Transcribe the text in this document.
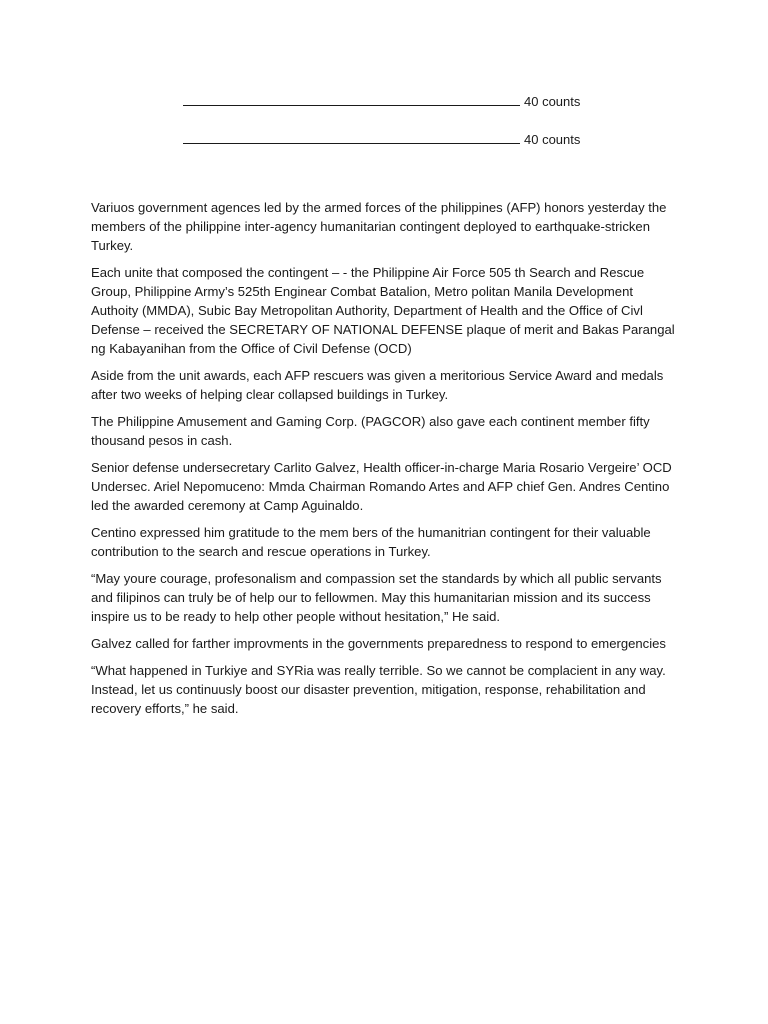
40 counts
40 counts

Variuos government agences led by the armed forces of the philippines (AFP) honors yesterday the members of the philippine inter-agency humanitarian contingent deployed to earthquake-stricken Turkey.

Each unite that composed the contingent – - the Philippine Air Force 505 th Search and Rescue Group, Philippine Army’s 525th Enginear Combat Batalion, Metro politan Manila Development Authoity (MMDA), Subic Bay Metropolitan Authority, Department of Health and the Office of Civl Defense – received the SECRETARY OF NATIONAL DEFENSE plaque of merit and Bakas Parangal ng Kabayanihan from the Office of Civil Defense (OCD)

Aside from the unit awards, each AFP rescuers was given a meritorious Service Award and medals after two weeks of helping clear collapsed buildings in Turkey.

The Philippine Amusement and Gaming Corp. (PAGCOR) also gave each continent member fifty thousand pesos in cash.

Senior defense undersecretary Carlito Galvez, Health officer-in-charge Maria Rosario Vergeire’ OCD Undersec. Ariel Nepomuceno: Mmda Chairman Romando Artes and AFP chief Gen. Andres Centino led the awarded ceremony at Camp Aguinaldo.

Centino expressed him gratitude to the mem bers of the humanitrian contingent for their valuable contribution to the search and rescue operations in Turkey.

“May youre courage, profesonalism and compassion set the standards by which all public servants and filipinos can truly be of help our to fellowmen. May this humanitarian mission and its success inspire us to be ready to help other people without hesitation,” He said.

Galvez called for farther improvments in the governments preparedness to respond to emergencies

“What happened in Turkiye and SYRia was really terrible. So we cannot be complacient in any way. Instead, let us continuusly boost our disaster prevention, mitigation, response, rehabilitation and recovery efforts,” he said.
